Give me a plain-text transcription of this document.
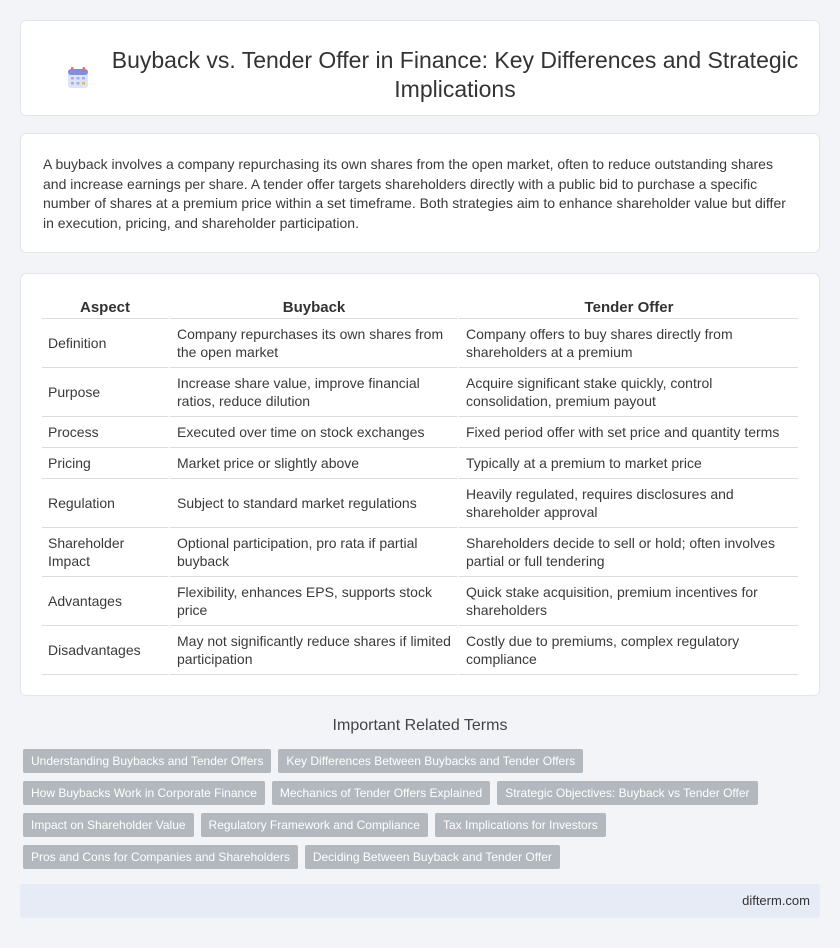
Buyback vs. Tender Offer in Finance: Key Differences and Strategic Implications

A buyback involves a company repurchasing its own shares from the open market, often to reduce outstanding shares and increase earnings per share. A tender offer targets shareholders directly with a public bid to purchase a specific number of shares at a premium price within a set timeframe. Both strategies aim to enhance shareholder value but differ in execution, pricing, and shareholder participation.

Aspect	Buyback	Tender Offer
Definition	Company repurchases its own shares from the open market	Company offers to buy shares directly from shareholders at a premium
Purpose	Increase share value, improve financial ratios, reduce dilution	Acquire significant stake quickly, control consolidation, premium payout
Process	Executed over time on stock exchanges	Fixed period offer with set price and quantity terms
Pricing	Market price or slightly above	Typically at a premium to market price
Regulation	Subject to standard market regulations	Heavily regulated, requires disclosures and shareholder approval
Shareholder Impact	Optional participation, pro rata if partial buyback	Shareholders decide to sell or hold; often involves partial or full tendering
Advantages	Flexibility, enhances EPS, supports stock price	Quick stake acquisition, premium incentives for shareholders
Disadvantages	May not significantly reduce shares if limited participation	Costly due to premiums, complex regulatory compliance
Important Related Terms
Understanding Buybacks and Tender Offers	Key Differences Between Buybacks and Tender Offers
How Buybacks Work in Corporate Finance	Mechanics of Tender Offers Explained	Strategic Objectives: Buyback vs Tender Offer
Impact on Shareholder Value	Regulatory Framework and Compliance	Tax Implications for Investors
Pros and Cons for Companies and Shareholders	Deciding Between Buyback and Tender Offer
difterm.com
